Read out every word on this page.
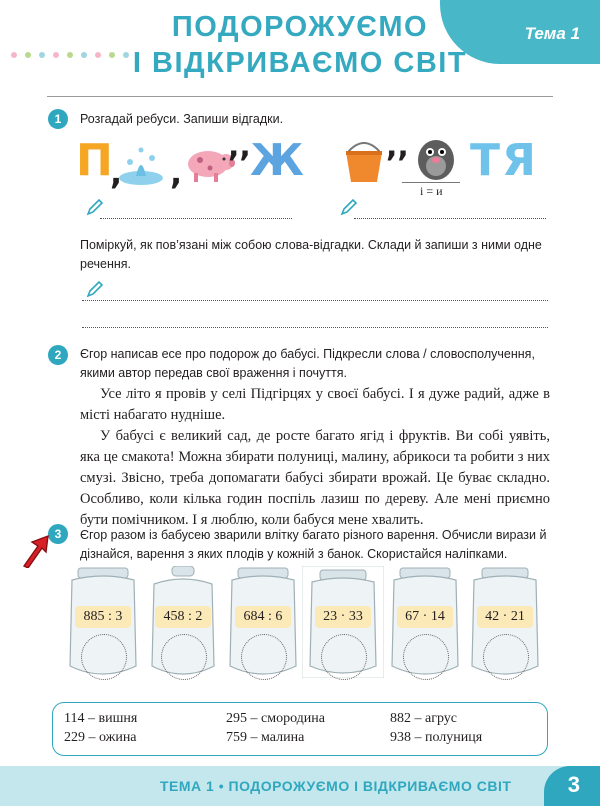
ПОДОРОЖУЄМО
І ВІДКРИВАЄМО СВІТ
Тема 1
1	Розгадай ребуси. Запиши відгадки.
П
, ,
,, Ж	,,
і = и
ТЯ
Поміркуй, як пов’язані між собою слова-відгадки. Склади й запиши з ними одне речення.
2	Єгор написав есе про подорож до бабусі. Підкресли слова / словосполучення, якими автор передав свої враження і почуття.
Усе літо я провів у селі Підгірцях у своєї бабусі. І я дуже радий, адже в місті набагато нудніше.
У бабусі є великий сад, де росте багато ягід і фруктів. Ви собі уявіть, яка це смакота! Можна збирати полуниці, малину, абрикоси та робити з них смузі. Звісно, треба допомагати бабусі збирати врожай. Це буває складно. Особливо, коли кілька годин поспіль лазиш по дереву. Але мені приємно бути помічником. І я люблю, коли бабуся мене хвалить.
3	Єгор разом із бабусею зварили влітку багато різного варення. Обчисли вирази й дізнайся, варення з яких плодів у кожній з банок. Скористайся наліпками.
885 : 3	458 : 2	684 : 6	23 · 33	67 · 14	42 · 21
114 – вишня	295 – смородина	882 – агрус
229 – ожина	759 – малина	938 – полуниця
ТЕМА 1 • ПОДОРОЖУЄМО І ВІДКРИВАЄМО СВІТ	3
